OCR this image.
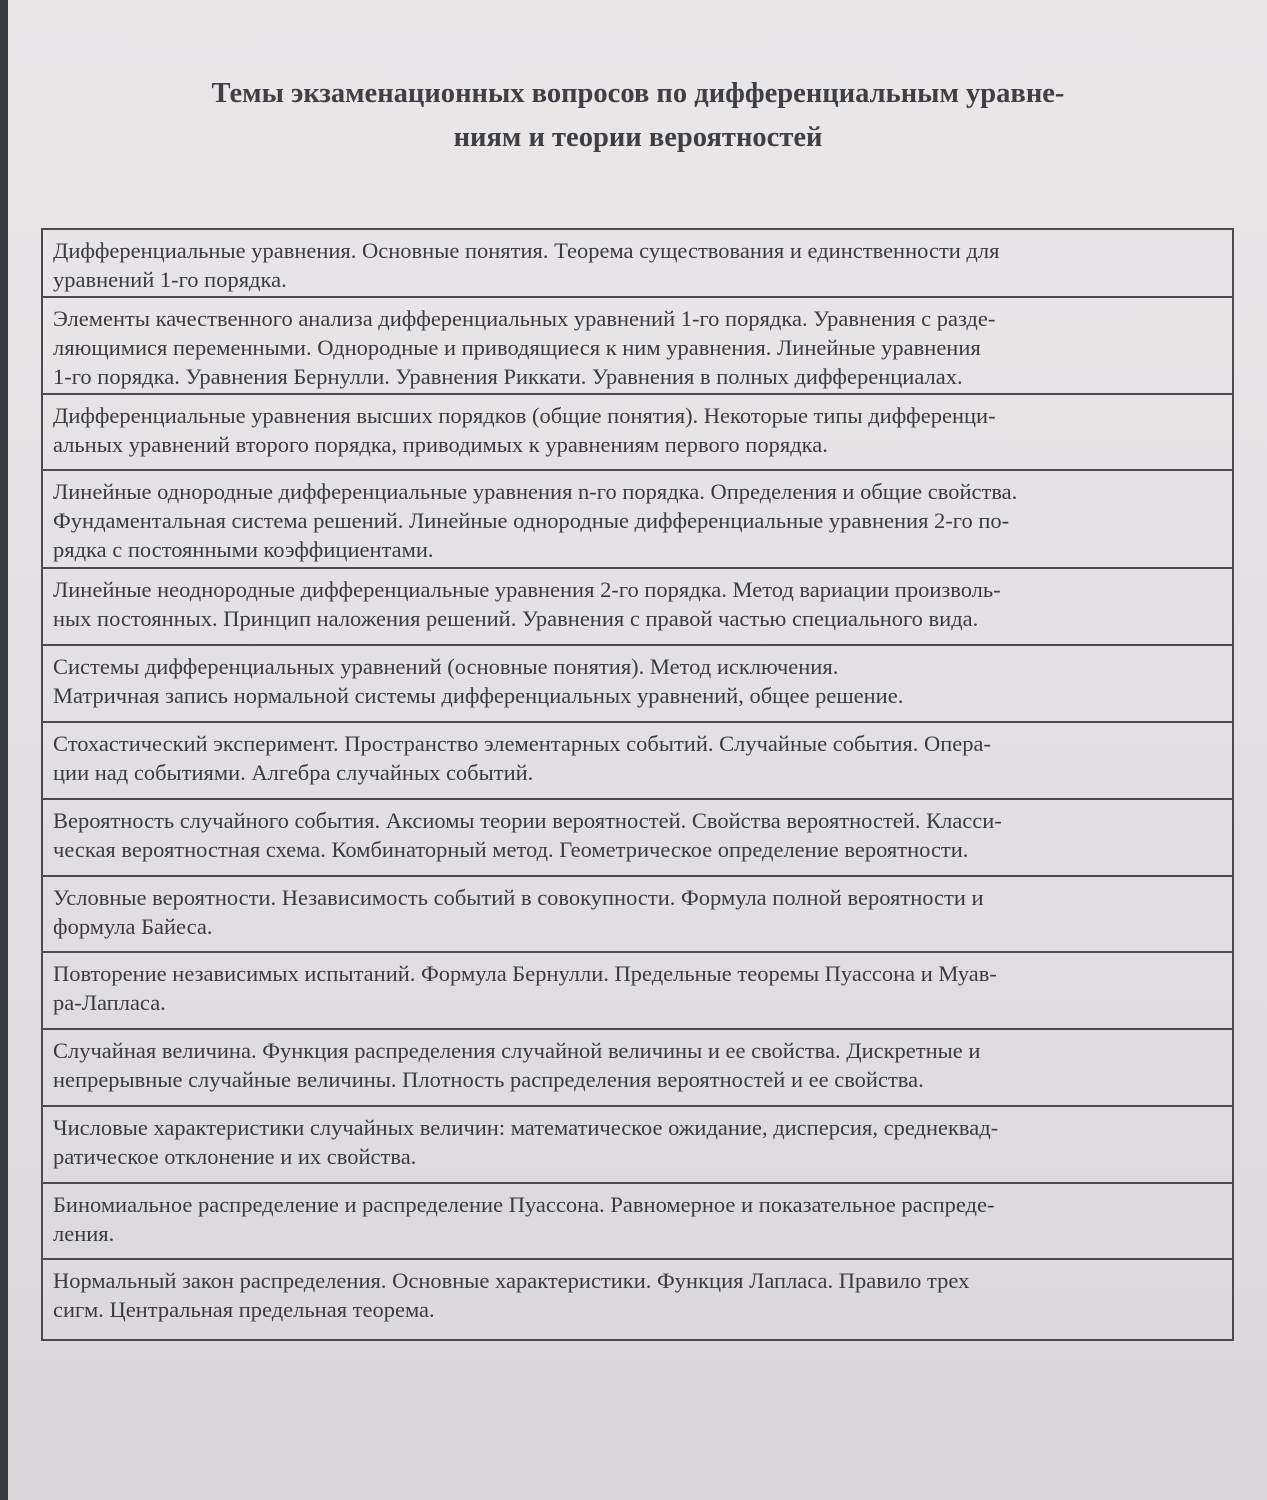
Темы экзаменационных вопросов по дифференциальным уравне-
ниям и теории вероятностей
Дифференциальные уравнения. Основные понятия. Теорема существования и единственности для
уравнений 1-го порядка.
Элементы качественного анализа дифференциальных уравнений 1-го порядка. Уравнения с разде-
ляющимися переменными. Однородные и приводящиеся к ним уравнения. Линейные уравнения
1-го порядка. Уравнения Бернулли. Уравнения Риккати. Уравнения в полных дифференциалах.
Дифференциальные уравнения высших порядков (общие понятия). Некоторые типы дифференци-
альных уравнений второго порядка, приводимых к уравнениям первого порядка.
Линейные однородные дифференциальные уравнения n-го порядка. Определения и общие свойства.
Фундаментальная система решений. Линейные однородные дифференциальные уравнения 2-го по-
рядка с постоянными коэффициентами.
Линейные неоднородные дифференциальные уравнения 2-го порядка. Метод вариации произволь-
ных постоянных. Принцип наложения решений. Уравнения с правой частью специального вида.
Системы дифференциальных уравнений (основные понятия). Метод исключения.
Матричная запись нормальной системы дифференциальных уравнений, общее решение.
Стохастический эксперимент. Пространство элементарных событий. Случайные события. Опера-
ции над событиями. Алгебра случайных событий.
Вероятность случайного события. Аксиомы теории вероятностей. Свойства вероятностей. Класси-
ческая вероятностная схема. Комбинаторный метод. Геометрическое определение вероятности.
Условные вероятности. Независимость событий в совокупности. Формула полной вероятности и
формула Байеса.
Повторение независимых испытаний. Формула Бернулли. Предельные теоремы Пуассона и Муав-
ра-Лапласа.
Случайная величина. Функция распределения случайной величины и ее свойства. Дискретные и
непрерывные случайные величины. Плотность распределения вероятностей и ее свойства.
Числовые характеристики случайных величин: математическое ожидание, дисперсия, среднеквад-
ратическое отклонение и их свойства.
Биномиальное распределение и распределение Пуассона. Равномерное и показательное распреде-
ления.
Нормальный закон распределения. Основные характеристики. Функция Лапласа. Правило трех
сигм. Центральная предельная теорема.
